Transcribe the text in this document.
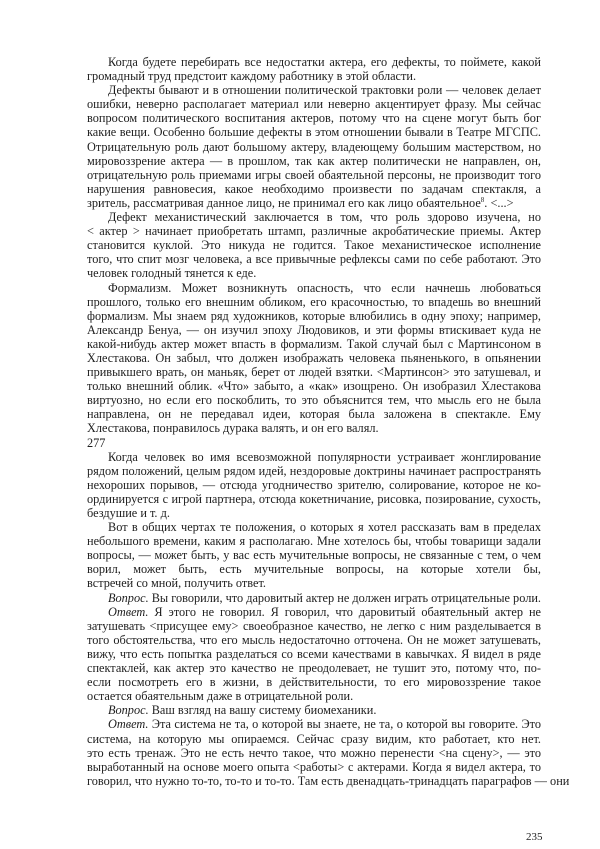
Когда будете перебирать все недостатки актера, его дефекты, то поймете, какой
громадный труд предстоит каждому работнику в этой области.
Дефекты бывают и в отношении политической трактовки роли — человек делает
ошибки, неверно располагает материал или неверно акцентирует фразу. Мы сейчас
вопросом политического воспитания актеров, потому что на сцене могут быть бог
какие вещи. Особенно большие дефекты в этом отношении бывали в Театре МГСПС.
Отрицательную роль дают большому актеру, владеющему большим мастерством, но
мировоззрение актера — в прошлом, так как актер политически не направлен, он,
отрицательную роль приемами игры своей обаятельной персоны, не производит того
нарушения равновесия, какое необходимо произвести по задачам спектакля, а
зритель, рассматривая данное лицо, не принимал его как лицо обаятельное$^8$. <...>
Дефект механистический заключается в том, что роль здорово изучена, но
< актер > начинает приобретать штамп, различные акробатические приемы. Актер
становится куклой. Это никуда не годится. Такое механистическое исполнение
того, что спит мозг человека, а все привычные рефлексы сами по себе работают. Это
человек голодный тянется к еде.
Формализм. Может возникнуть опасность, что если начнешь любоваться
прошлого, только его внешним обликом, его красочностью, то впадешь во внешний
формализм. Мы знаем ряд художников, которые влюбились в одну эпоху; например,
Александр Бенуа, — он изучил эпоху Людовиков, и эти формы втискивает куда не
какой-нибудь актер может впасть в формализм. Такой случай был с Мартинсоном в
Хлестакова. Он забыл, что должен изображать человека пьяненького, в опьянении
привыкшего врать, он маньяк, берет от людей взятки. <Мартинсон> это затушевал, и
только внешний облик. «Что» забыто, а «как» изощрено. Он изобразил Хлестакова
виртуозно, но если его поскоблить, то это объяснится тем, что мысль его не была
направлена, он не передавал идеи, которая была заложена в спектакле. Ему
Хлестакова, понравилось дурака валять, и он его валял.
277
Когда человек во имя всевозможной популярности устраивает жонглирование
рядом положений, целым рядом идей, нездоровые доктрины начинает распространять
нехороших порывов, — отсюда угодничество зрителю, солирование, которое не ко-
ординируется с игрой партнера, отсюда кокетничание, рисовка, позирование, сухость,
бездушие и т. д.
Вот в общих чертах те положения, о которых я хотел рассказать вам в пределах
небольшого времени, каким я располагаю. Мне хотелось бы, чтобы товарищи задали
вопросы, — может быть, у вас есть мучительные вопросы, не связанные с тем, о чем
ворил, может быть, есть мучительные вопросы, на которые хотели бы,
встречей со мной, получить ответ.
Вопрос. Вы говорили, что даровитый актер не должен играть отрицательные роли.
Ответ. Я этого не говорил. Я говорил, что даровитый обаятельный актер не
затушевать <присущее ему> своеобразное качество, не легко с ним разделывается в
того обстоятельства, что его мысль недостаточно отточена. Он не может затушевать,
вижу, что есть попытка разделаться со всеми качествами в кавычках. Я видел в ряде
спектаклей, как актер это качество не преодолевает, не тушит это, потому что, по-
если посмотреть его в жизни, в действительности, то его мировоззрение такое
остается обаятельным даже в отрицательной роли.
Вопрос. Ваш взгляд на вашу систему биомеханики.
Ответ. Эта система не та, о которой вы знаете, не та, о которой вы говорите. Это
система, на которую мы опираемся. Сейчас сразу видим, кто работает, кто нет.
это есть тренаж. Это не есть нечто такое, что можно перенести <на сцену>, — это
выработанный на основе моего опыта <работы> с актерами. Когда я видел актера, то
говорил, что нужно то-то, то-то и то-то. Там есть двенадцать-тринадцать параграфов — они
235
